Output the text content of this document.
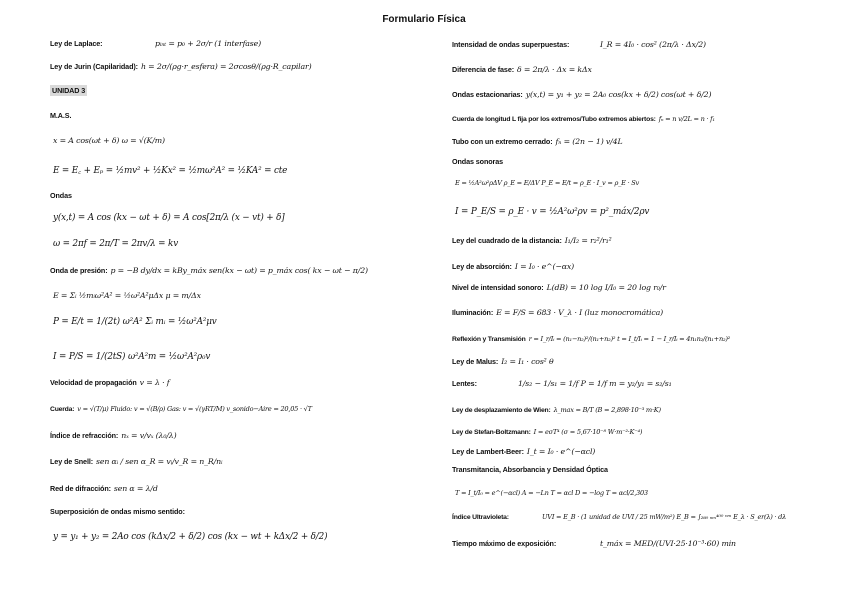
Formulario Física
Ley de Laplace:	pᵢₙₜ = p₀ + 2σ/r (1 interfase)
Ley de Jurin (Capilaridad): h = 2σ/(ρg·r_esfera) = 2σcosθ/(ρg·R_capilar)
UNIDAD 3
M.A.S.
x = A cos(ωt + δ) ω = √(K/m)
E = E꜀ + Eₚ = ½mv² + ½Kx² = ½mω²A² = ½KA² = cte
Ondas
y(x,t) = A cos (kx − ωt + δ) = A cos[2π/λ (x − vt) + δ]
ω = 2πf = 2π/T = 2πv/λ = kv
Onda de presión: p = −B dy/dx = kBy_máx sen(kx − ωt) = p_máx cos( kx − ωt − π/2)
E = Σᵢ ½mᵢω²A² = ½ω²A²μΔx μ = m/Δx
P = E/t = 1/(2t) ω²A² Σᵢ mᵢ = ½ω²A²μv
I = P/S = 1/(2tS) ω²A²m = ½ω²A²ρ₀v
Velocidad de propagación v = λ · f
Cuerda: v = √(T/μ) Fluido: v = √(B/ρ) Gas: v = √(γRT/M) v_sonido−Aire = 20,05 · √T
Índice de refracción: nₓ = v/vₓ (λ₀/λ)
Ley de Snell: sen αᵢ / sen α_R = vᵢ/v_R = n_R/nᵢ
Red de difracción: sen α = λ/d
Superposición de ondas mismo sentido:
y = y₁ + y₂ = 2Ao cos (kΔx/2 + δ/2) cos (kx − wt + kΔx/2 + δ/2)
Intensidad de ondas superpuestas:	I_R = 4I₀ · cos² (2π/λ · Δx/2)
Diferencia de fase: δ = 2π/λ · Δx = kΔx
Ondas estacionarias: y(x,t) = y₁ + y₂ = 2A₀ cos(kx + δ/2) cos(ωt + δ/2)
Cuerda de longitud L fija por los extremos/Tubo extremos abiertos: fₙ = n v/2L = n · f₁
Tubo con un extremo cerrado: fₙ = (2n − 1) v/4L
Ondas sonoras
E = ½A²ω²ρΔV ρ_E = E/ΔV P_E = E/t = ρ_E · I_v = ρ_E · Sv
I = P_E/S = ρ_E · v = ½A²ω²ρv = p²_máx/2ρv
Ley del cuadrado de la distancia: I₁/I₂ = r₂²/r₁²
Ley de absorción: I = I₀ · e^(−αx)
Nivel de intensidad sonoro: L(dB) = 10 log I/I₀ = 20 log r₀/r
Iluminación: E = F/S = 683 · V_λ · I (luz monocromática)
Reflexión y Transmisión r = I_r/Iᵢ = (n₁−n₂)²/(n₁+n₂)² t = I_t/Iᵢ = 1 − I_r/Iᵢ = 4n₁n₂/(n₁+n₂)²
Ley de Malus: I₂ = I₁ · cos² θ
Lentes:	1/s₂ − 1/s₁ = 1/f P = 1/f m = y₂/y₁ = s₂/s₁
Ley de desplazamiento de Wien: λ_max = B/T (B = 2,898·10⁻³ m·K)
Ley de Stefan-Boltzmann: I = eσT⁴ (σ = 5,67·10⁻⁸ W·m⁻²·K⁻⁴)
Ley de Lambert-Beer: I_t = I₀ · e^(−αcl)
Transmitancia, Absorbancia y Densidad Óptica
T = I_t/I₀ = e^(−αcl) A = −Ln T = αcl D = −log T = αcl/2,303
Índice Ultravioleta:	UVI = E_B · (1 unidad de UVI / 25 mW/m²) E_B = ∫₂₈₀ ₙₘ⁴⁰⁰ ⁿᵐ E_λ · S_er(λ) · dλ
Tiempo máximo de exposición:	t_máx = MED/(UVI·25·10⁻³·60) min
